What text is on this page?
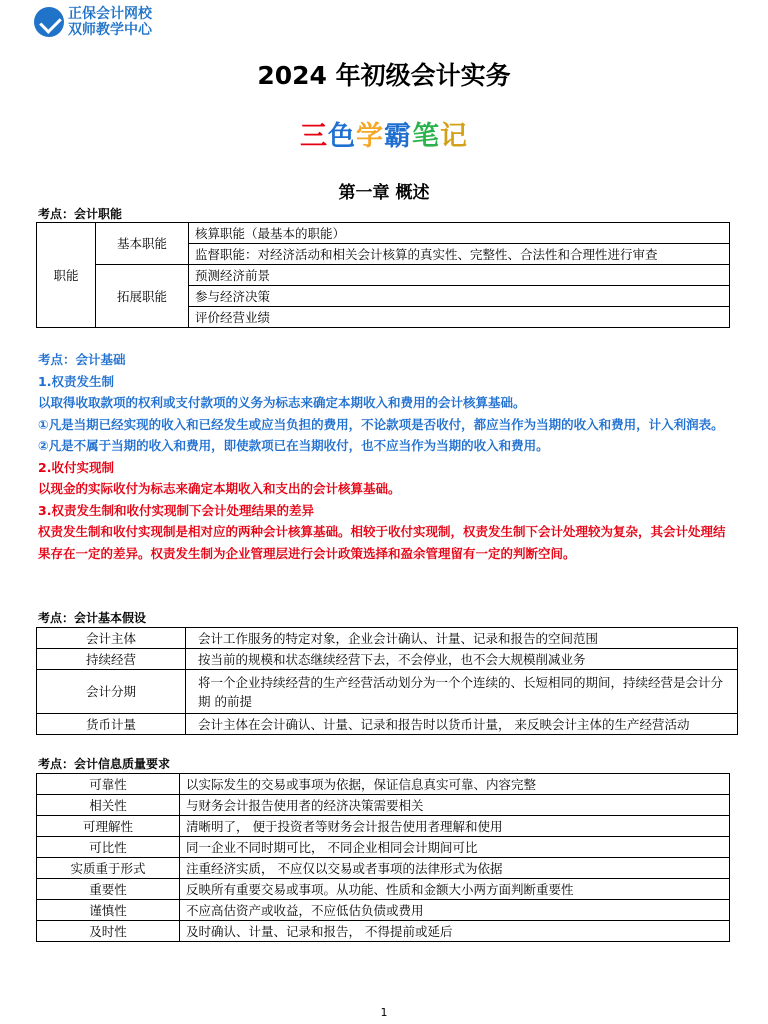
正保会计网校
双师教学中心
2024 年初级会计实务
三色学霸笔记
第一章 概述
考点：会计职能
职能	基本职能	核算职能（最基本的职能）
		监督职能：对经济活动和相关会计核算的真实性、完整性、合法性和合理性进行审查
	拓展职能	预测经济前景
		参与经济决策
		评价经营业绩
考点：会计基础
1.权责发生制
以取得收取款项的权利或支付款项的义务为标志来确定本期收入和费用的会计核算基础。
①凡是当期已经实现的收入和已经发生或应当负担的费用，不论款项是否收付，都应当作为当期的收入和费用，计入利润表。
②凡是不属于当期的收入和费用，即使款项已在当期收付，也不应当作为当期的收入和费用。
2.收付实现制
以现金的实际收付为标志来确定本期收入和支出的会计核算基础。
3.权责发生制和收付实现制下会计处理结果的差异
权责发生制和收付实现制是相对应的两种会计核算基础。相较于收付实现制，权责发生制下会计处理较为复杂，其会计处理结果存在一定的差异。权责发生制为企业管理层进行会计政策选择和盈余管理留有一定的判断空间。
考点：会计基本假设
会计主体	会计工作服务的特定对象，企业会计确认、计量、记录和报告的空间范围
持续经营	按当前的规模和状态继续经营下去，不会停业，也不会大规模削减业务
会计分期	将一个企业持续经营的生产经营活动划分为一个个连续的、长短相同的期间，持续经营是会计分期 的前提
货币计量	会计主体在会计确认、计量、记录和报告时以货币计量， 来反映会计主体的生产经营活动
考点：会计信息质量要求
可靠性	以实际发生的交易或事项为依据，保证信息真实可靠、内容完整
相关性	与财务会计报告使用者的经济决策需要相关
可理解性	清晰明了， 便于投资者等财务会计报告使用者理解和使用
可比性	同一企业不同时期可比， 不同企业相同会计期间可比
实质重于形式	注重经济实质， 不应仅以交易或者事项的法律形式为依据
重要性	反映所有重要交易或事项。从功能、性质和金额大小两方面判断重要性
谨慎性	不应高估资产或收益，不应低估负债或费用
及时性	及时确认、计量、记录和报告， 不得提前或延后
1
